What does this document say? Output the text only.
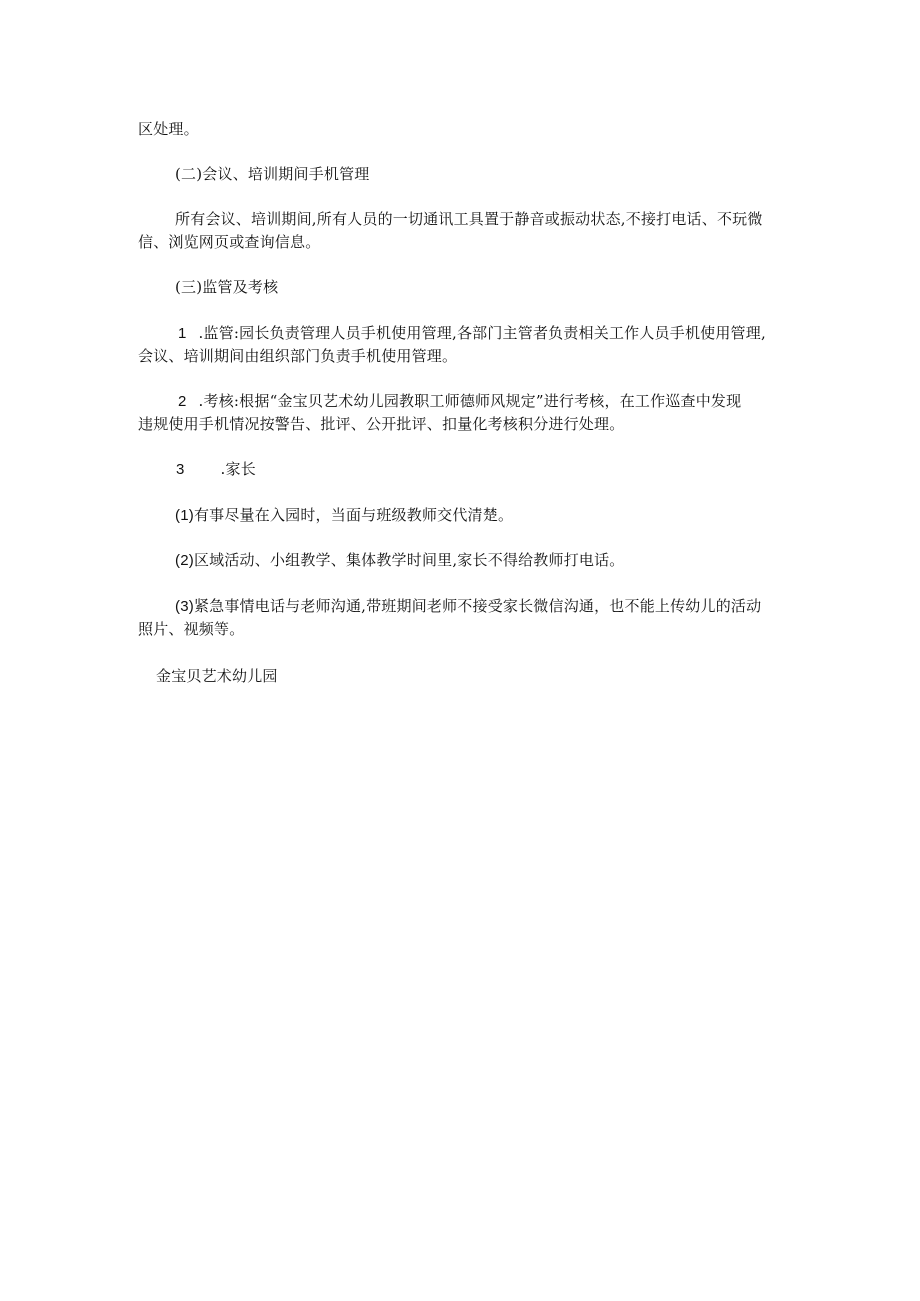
区处理。
(二)会议、培训期间手机管理
所有会议、培训期间,所有人员的一切通讯工具置于静音或振动状态,不接打电话、不玩微
信、浏览网页或查询信息。
(三)监管及考核
1 .监管:园长负责管理人员手机使用管理,各部门主管者负责相关工作人员手机使用管理,
会议、培训期间由组织部门负责手机使用管理。
2 .考核:根据“金宝贝艺术幼儿园教职工师德师风规定”进行考核，在工作巡查中发现
违规使用手机情况按警告、批评、公开批评、扣量化考核积分进行处理。
3 .家长
(1)有事尽量在入园时，当面与班级教师交代清楚。
(2)区域活动、小组教学、集体教学时间里,家长不得给教师打电话。
(3)紧急事情电话与老师沟通,带班期间老师不接受家长微信沟通，也不能上传幼儿的活动
照片、视频等。
金宝贝艺术幼儿园
